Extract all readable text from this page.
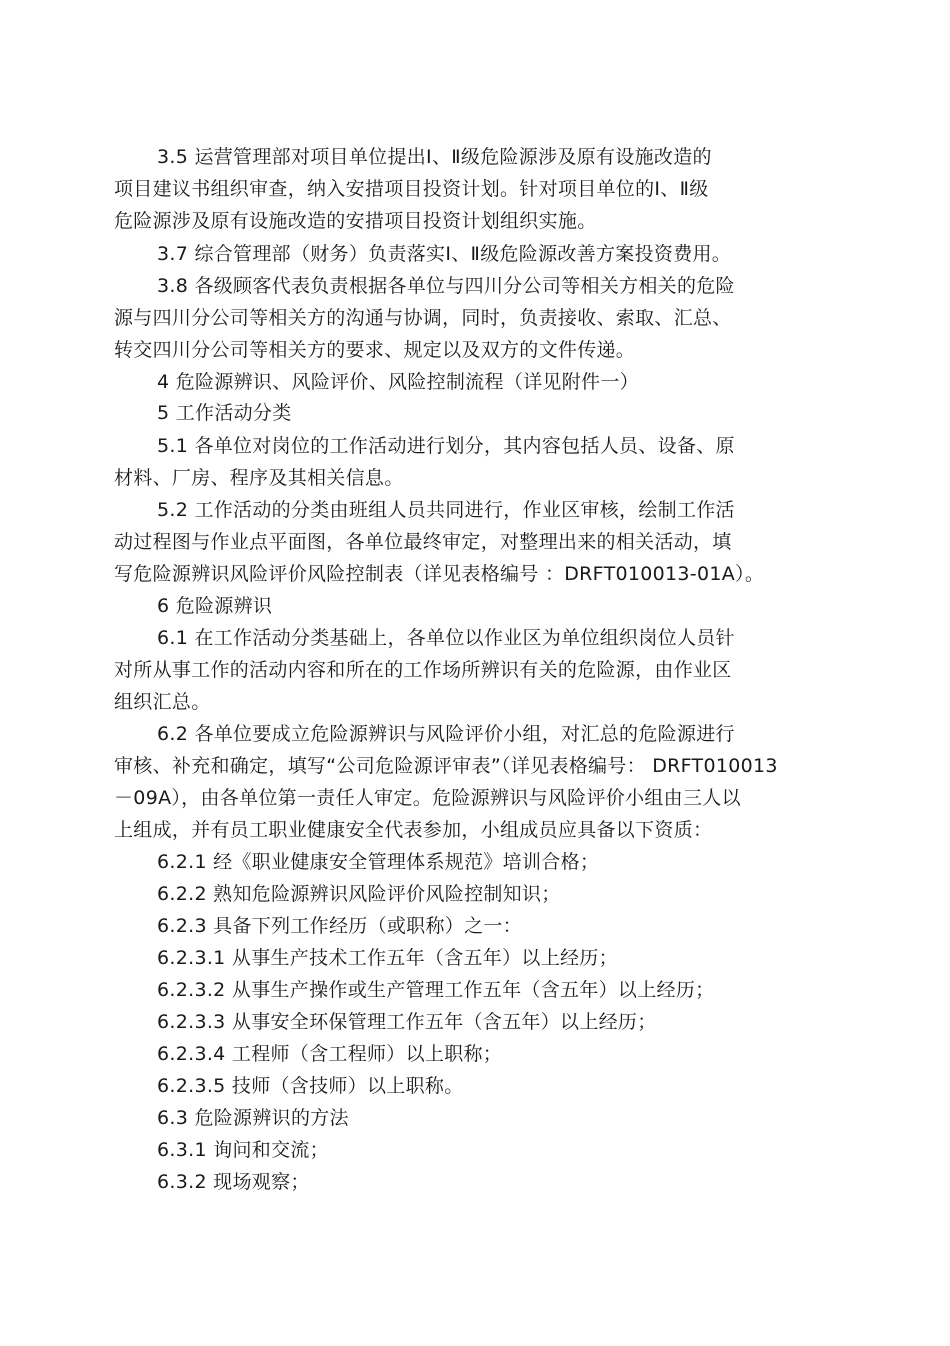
3.5 运营管理部对项目单位提出Ⅰ、Ⅱ级危险源涉及原有设施改造的
项目建议书组织审查，纳入安措项目投资计划。针对项目单位的Ⅰ、Ⅱ级
危险源涉及原有设施改造的安措项目投资计划组织实施。
3.7 综合管理部（财务）负责落实Ⅰ、Ⅱ级危险源改善方案投资费用。
3.8 各级顾客代表负责根据各单位与四川分公司等相关方相关的危险
源与四川分公司等相关方的沟通与协调，同时，负责接收、索取、汇总、
转交四川分公司等相关方的要求、规定以及双方的文件传递。
4 危险源辨识、风险评价、风险控制流程（详见附件一）
5 工作活动分类
5.1 各单位对岗位的工作活动进行划分，其内容包括人员、设备、原
材料、厂房、程序及其相关信息。
5.2 工作活动的分类由班组人员共同进行，作业区审核，绘制工作活
动过程图与作业点平面图，各单位最终审定，对整理出来的相关活动，填
写危险源辨识风险评价风险控制表（详见表格编号 ：DRFT010013-01A）。
6 危险源辨识
6.1 在工作活动分类基础上，各单位以作业区为单位组织岗位人员针
对所从事工作的活动内容和所在的工作场所辨识有关的危险源，由作业区
组织汇总。
6.2 各单位要成立危险源辨识与风险评价小组，对汇总的危险源进行
审核、补充和确定，填写“公司危险源评审表”（详见表格编号： DRFT010013
－09A），由各单位第一责任人审定。危险源辨识与风险评价小组由三人以
上组成，并有员工职业健康安全代表参加，小组成员应具备以下资质：
6.2.1 经《职业健康安全管理体系规范》培训合格；
6.2.2 熟知危险源辨识风险评价风险控制知识；
6.2.3 具备下列工作经历（或职称）之一：
6.2.3.1 从事生产技术工作五年（含五年）以上经历；
6.2.3.2 从事生产操作或生产管理工作五年（含五年）以上经历；
6.2.3.3 从事安全环保管理工作五年（含五年）以上经历；
6.2.3.4 工程师（含工程师）以上职称；
6.2.3.5 技师（含技师）以上职称。
6.3 危险源辨识的方法
6.3.1 询问和交流；
6.3.2 现场观察；
